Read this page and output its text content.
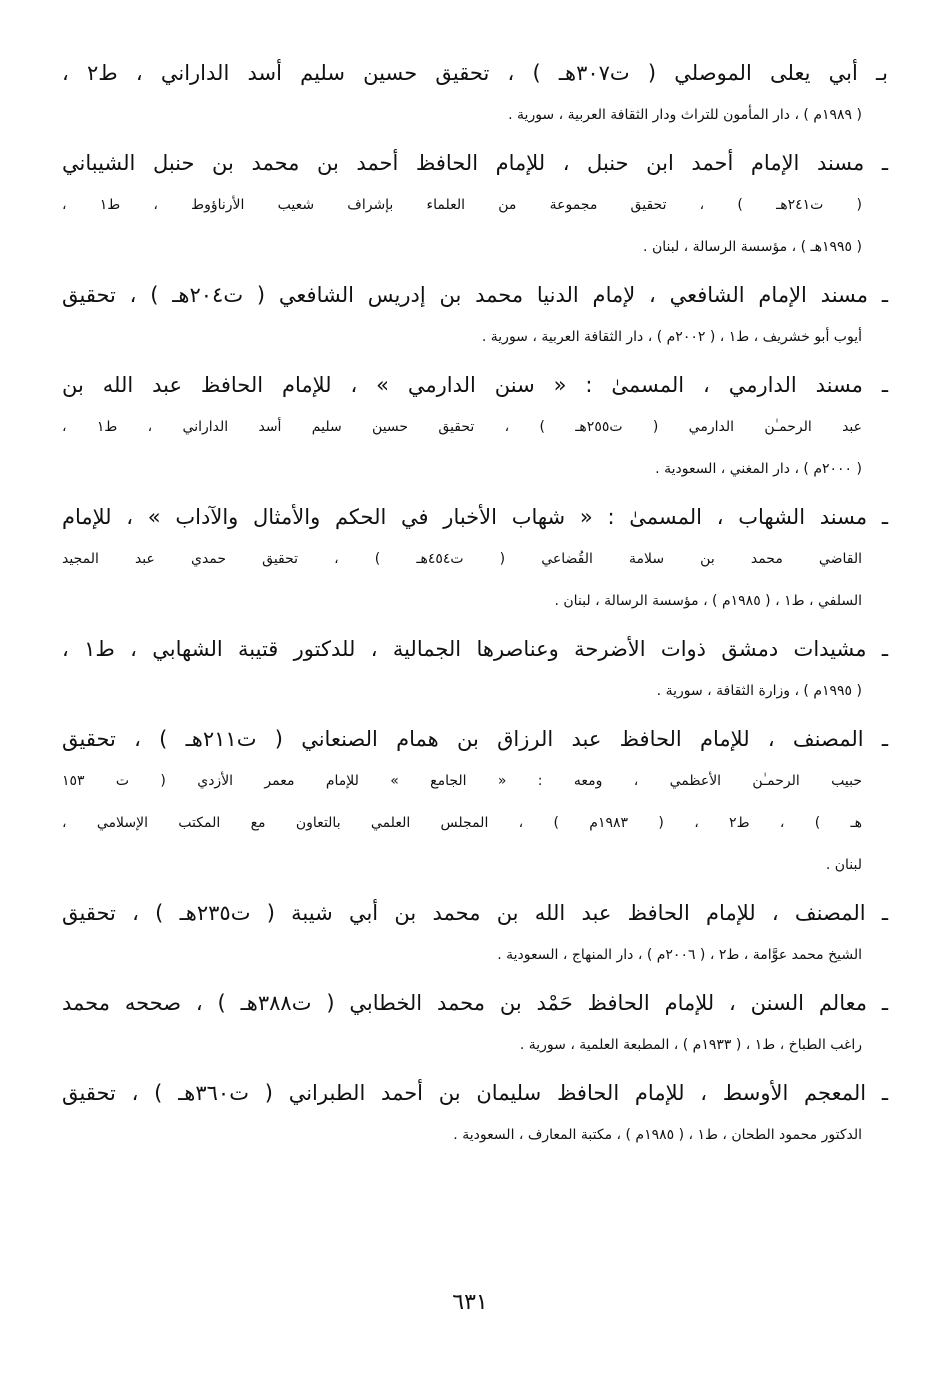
بـ أبي يعلى الموصلي ( ت٣٠٧هـ ) ، تحقيق حسين سليم أسد الداراني ، ط٢ ،
( ١٩٨٩م ) ، دار المأمون للتراث ودار الثقافة العربية ، سورية .
ـ مسند الإمام أحمد ابن حنبل ، للإمام الحافظ أحمد بن محمد بن حنبل الشيباني
( ت٢٤١هـ ) ، تحقيق مجموعة من العلماء بإشراف شعيب الأرناؤوط ، ط١ ،
( ١٩٩٥هـ ) ، مؤسسة الرسالة ، لبنان .
ـ مسند الإمام الشافعي ، لإمام الدنيا محمد بن إدريس الشافعي ( ت٢٠٤هـ ) ، تحقيق
أيوب أبو خشريف ، ط١ ، ( ٢٠٠٢م ) ، دار الثقافة العربية ، سورية .
ـ مسند الدارمي ، المسمىٰ : « سنن الدارمي » ، للإمام الحافظ عبد الله بن
عبد الرحمـٰن الدارمي ( ت٢٥٥هـ ) ، تحقيق حسين سليم أسد الداراني ، ط١ ،
( ٢٠٠٠م ) ، دار المغني ، السعودية .
ـ مسند الشهاب ، المسمىٰ : « شهاب الأخبار في الحكم والأمثال والآداب » ، للإمام
القاضي محمد بن سلامة القُضاعي ( ت٤٥٤هـ ) ، تحقيق حمدي عبد المجيد
السلفي ، ط١ ، ( ١٩٨٥م ) ، مؤسسة الرسالة ، لبنان .
ـ مشيدات دمشق ذوات الأضرحة وعناصرها الجمالية ، للدكتور قتيبة الشهابي ، ط١ ،
( ١٩٩٥م ) ، وزارة الثقافة ، سورية .
ـ المصنف ، للإمام الحافظ عبد الرزاق بن همام الصنعاني ( ت٢١١هـ ) ، تحقيق
حبيب الرحمـٰن الأعظمي ، ومعه : « الجامع » للإمام معمر الأزدي ( ت ١٥٣
هـ ) ، ط٢ ، ( ١٩٨٣م ) ، المجلس العلمي بالتعاون مع المكتب الإسلامي ،
لبنان .
ـ المصنف ، للإمام الحافظ عبد الله بن محمد بن أبي شيبة ( ت٢٣٥هـ ) ، تحقيق
الشيخ محمد عوَّامة ، ط٢ ، ( ٢٠٠٦م ) ، دار المنهاج ، السعودية .
ـ معالم السنن ، للإمام الحافظ حَمْد بن محمد الخطابي ( ت٣٨٨هـ ) ، صححه محمد
راغب الطباخ ، ط١ ، ( ١٩٣٣م ) ، المطبعة العلمية ، سورية .
ـ المعجم الأوسط ، للإمام الحافظ سليمان بن أحمد الطبراني ( ت٣٦٠هـ ) ، تحقيق
الدكتور محمود الطحان ، ط١ ، ( ١٩٨٥م ) ، مكتبة المعارف ، السعودية .
٦٣١
